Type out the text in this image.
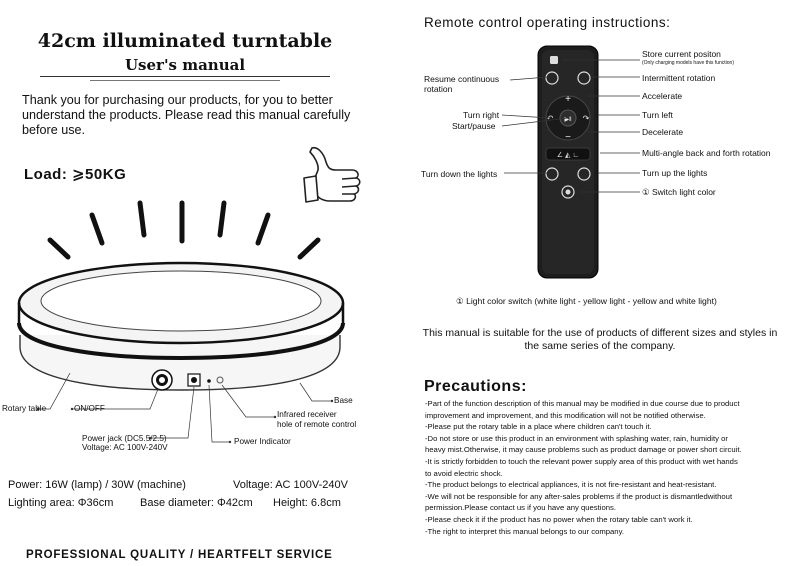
42cm illuminated turntable
User's manual
Thank you for purchasing our products, for you to better understand the products. Please read this manual carefully before use.
Load: ⩾50KG
Rotary table	ON/OFF
Power jack (DC5.5/2.5)
Voltage: AC 100V-240V
Power Indicator
Infrared receiver
hole of remote control
Base
Power: 16W (lamp) / 30W (machine)	Voltage: AC 100V-240V
Lighting area: Φ36cm Base diameter: Φ42cm Height: 6.8cm
PROFESSIONAL QUALITY / HEARTFELT SERVICE
Remote control operating instructions:
+
−
▶‖
↶	↷
∠ ◭ ∟
Store current positon
(Only charging models have this function)
Resume continuous
rotation
Intermittent rotation
Accelerate
Turn right
Start/pause
Turn left
Decelerate
Multi-angle back and forth rotation
Turn down the lights	Turn up the lights
① Switch light color
① Light color switch (white light - yellow light - yellow and white light)
This manual is suitable for the use of products of different sizes and styles in the same series of the company.
Precautions:
-Part of the function description of this manual may be modified in due course due to product
improvement and improvement, and this modification will not be notified otherwise.
-Please put the rotary table in a place where children can't touch it.
-Do not store or use this product in an environment with splashing water, rain, humidity or
heavy mist.Otherwise, it may cause problems such as product damage or power short circuit.
-It is strictly forbidden to touch the relevant power supply area of this product with wet hands
to avoid electric shock.
-The product belongs to electrical appliances, it is not fire-resistant and heat-resistant.
-We will not be responsible for any after-sales problems if the product is dismantledwithout
permission.Please contact us if you have any questions.
-Please check it if the product has no power when the rotary table can't work it.
-The right to interpret this manual belongs to our company.
